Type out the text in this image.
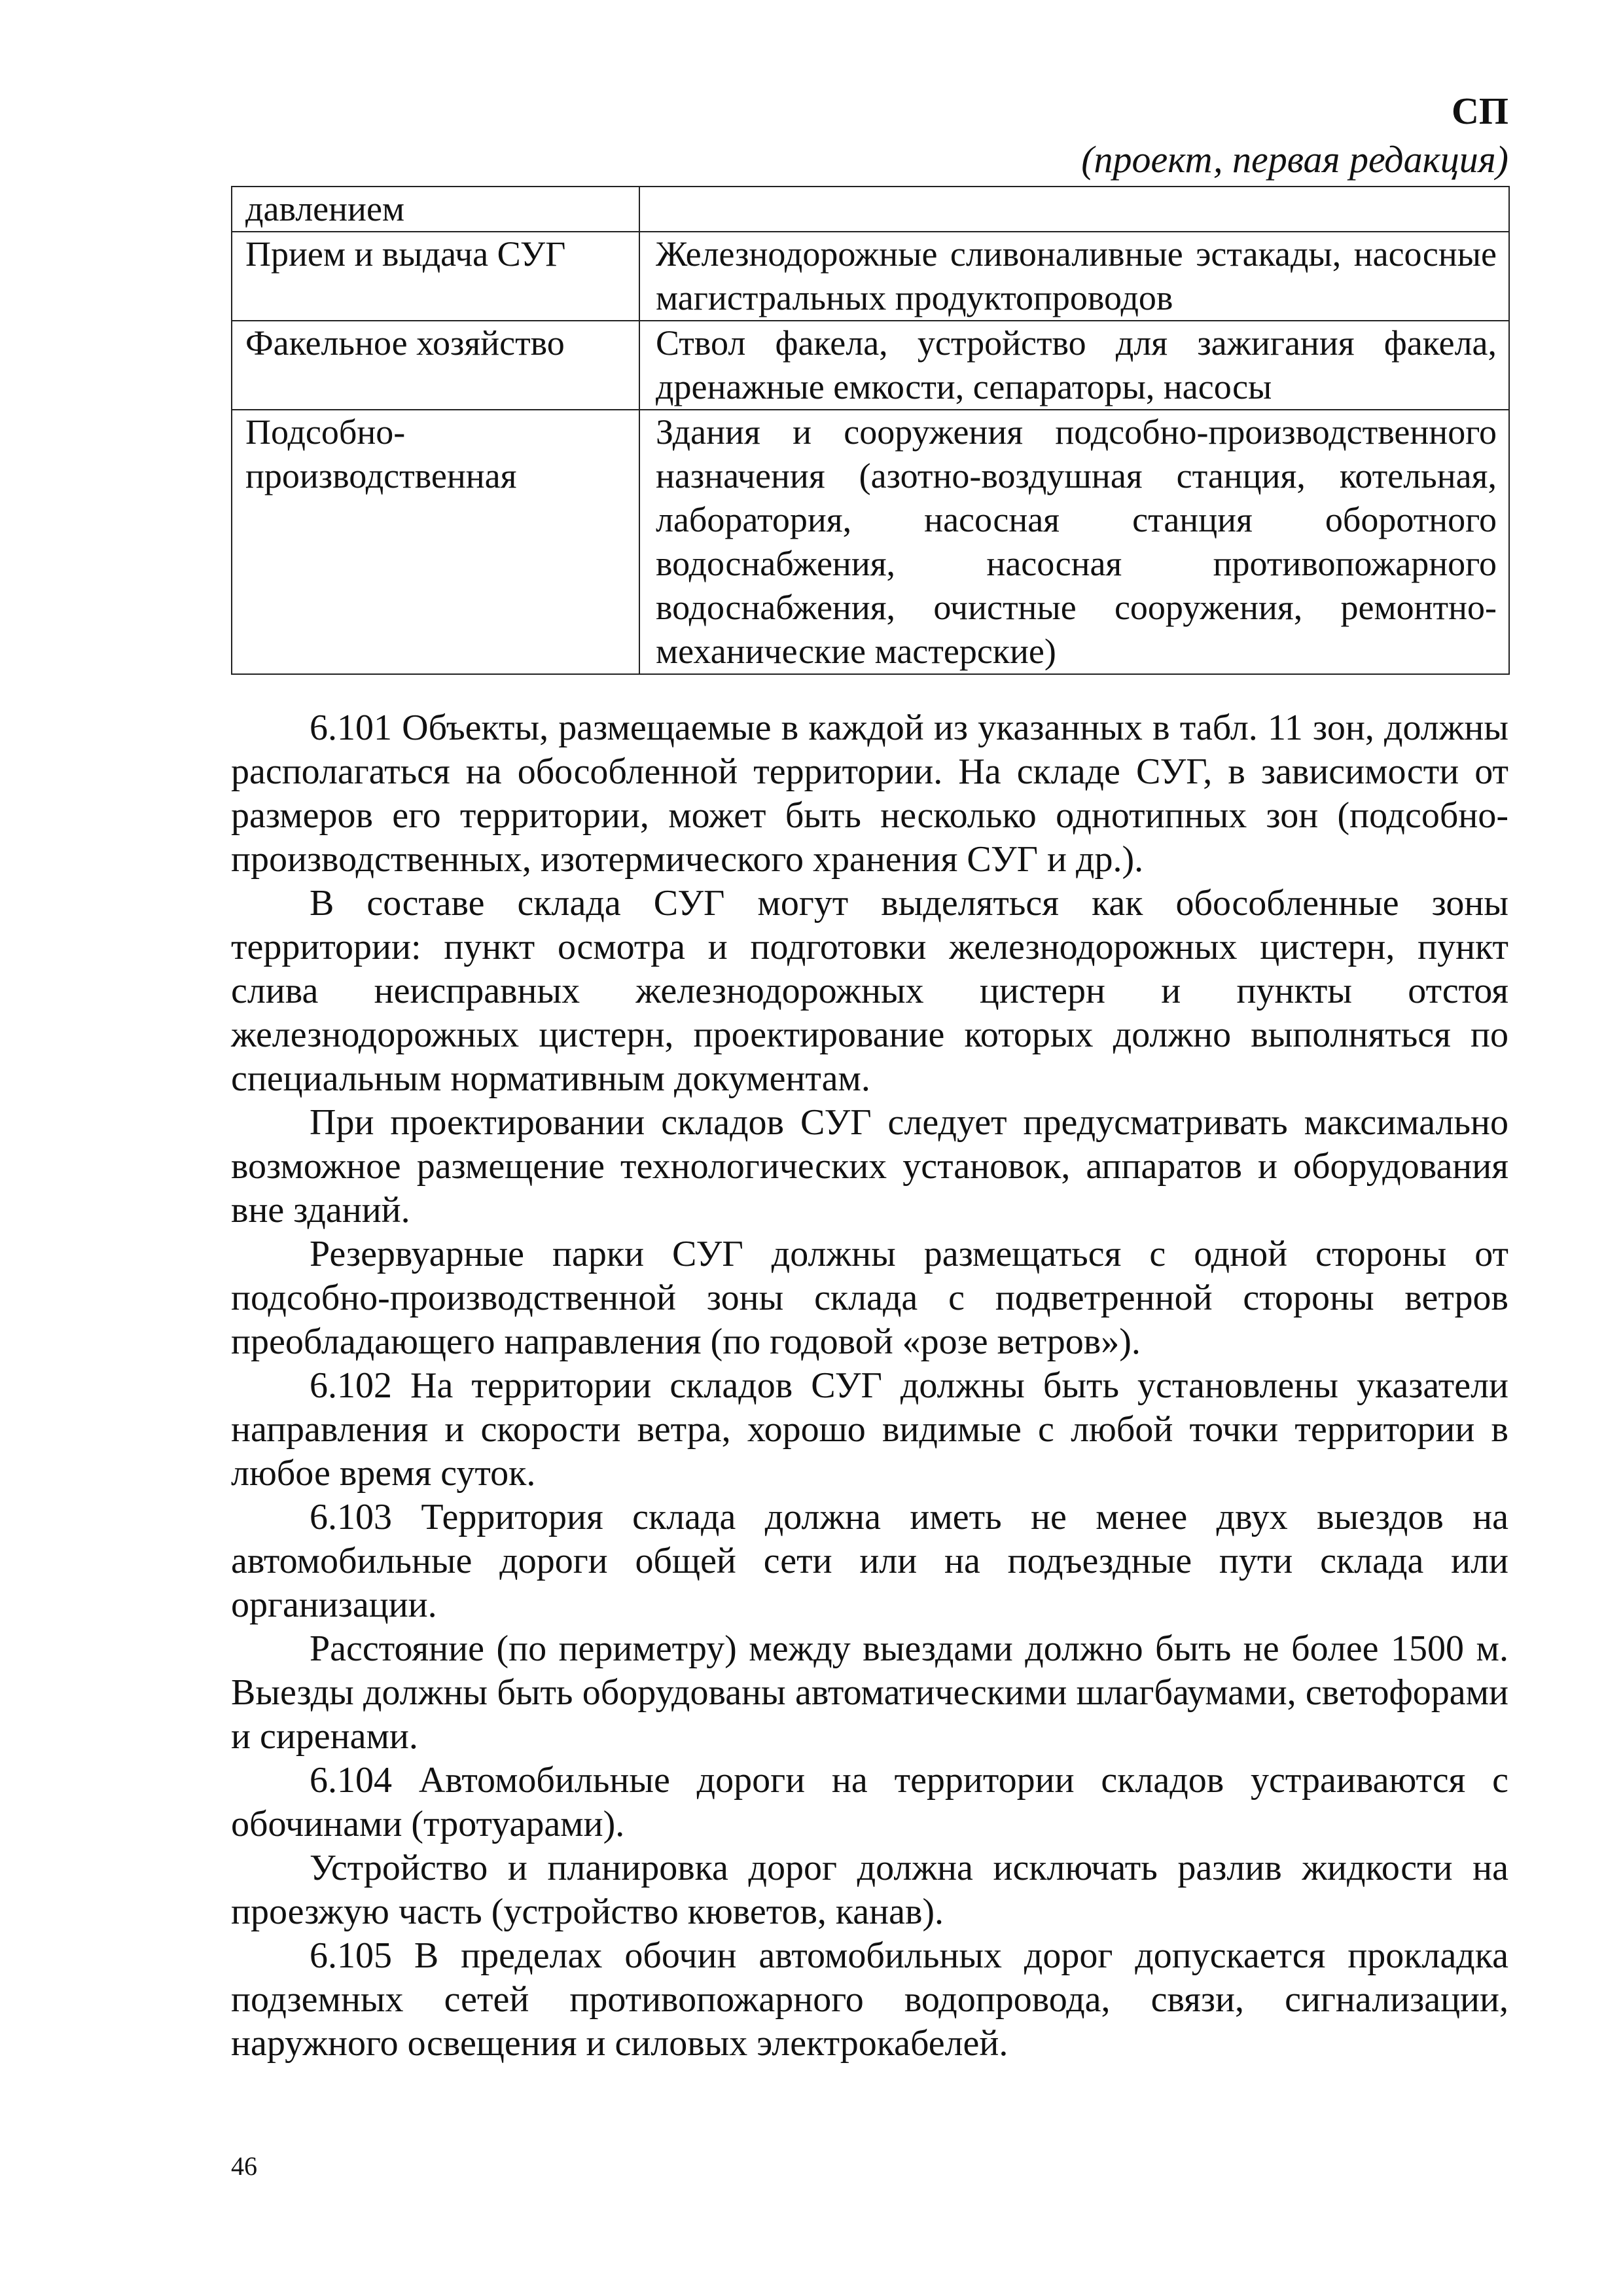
СП
(проект, первая редакция)
давлением	
Прием и выдача СУГ	Железнодорожные сливоналивные эстакады, насосные магистральных продуктопроводов
Факельное хозяйство	Ствол факела, устройство для зажигания факела, дренажные емкости, сепараторы, насосы
Подсобно-производственная	Здания и сооружения подсобно-производственного назначения (азотно-воздушная станция, котельная, лаборатория, насосная станция оборотного водоснабжения, насосная противопожарного водоснабжения, очистные сооружения, ремонтно-механические мастерские)

6.101 Объекты, размещаемые в каждой из указанных в табл. 11 зон, должны располагаться на обособленной территории. На складе СУГ, в зависимости от размеров его территории, может быть несколько однотипных зон (подсобно-производственных, изотермического хранения СУГ и др.).

В составе склада СУГ могут выделяться как обособленные зоны территории: пункт осмотра и подготовки железнодорожных цистерн, пункт слива неисправных железнодорожных цистерн и пункты отстоя железнодорожных цистерн, проектирование которых должно выполняться по специальным нормативным документам.

При проектировании складов СУГ следует предусматривать максимально возможное размещение технологических установок, аппаратов и оборудования вне зданий.

Резервуарные парки СУГ должны размещаться с одной стороны от подсобно-производственной зоны склада с подветренной стороны ветров преобладающего направления (по годовой «розе ветров»).

6.102 На территории складов СУГ должны быть установлены указатели направления и скорости ветра, хорошо видимые с любой точки территории в любое время суток.

6.103 Территория склада должна иметь не менее двух выездов на автомобильные дороги общей сети или на подъездные пути склада или организации.

Расстояние (по периметру) между выездами должно быть не более 1500 м. Выезды должны быть оборудованы автоматическими шлагбаумами, светофорами и сиренами.

6.104 Автомобильные дороги на территории складов устраиваются с обочинами (тротуарами).

Устройство и планировка дорог должна исключать разлив жидкости на проезжую часть (устройство кюветов, канав).

6.105 В пределах обочин автомобильных дорог допускается прокладка подземных сетей противопожарного водопровода, связи, сигнализации, наружного освещения и силовых электрокабелей.

46
